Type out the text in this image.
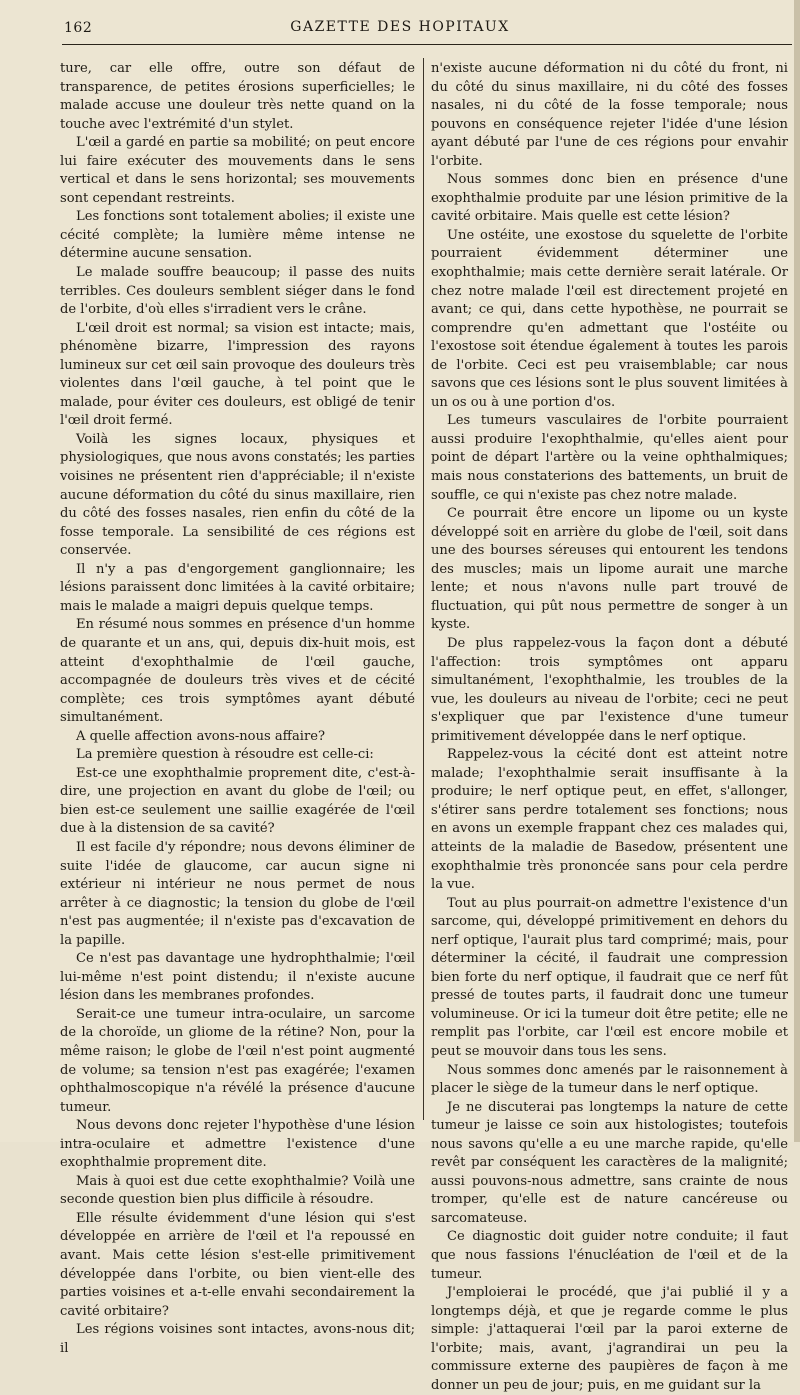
162	GAZETTE DES HOPITAUX

ture, car elle offre, outre son défaut de transparence, de petites érosions superficielles; le malade accuse une douleur très nette quand on la touche avec l'extrémité d'un stylet.

L'œil a gardé en partie sa mobilité; on peut encore lui faire exécuter des mouvements dans le sens vertical et dans le sens horizontal; ses mouvements sont cependant restreints.

Les fonctions sont totalement abolies; il existe une cécité complète; la lumière même intense ne détermine aucune sensation.

Le malade souffre beaucoup; il passe des nuits terribles. Ces douleurs semblent siéger dans le fond de l'orbite, d'où elles s'irradient vers le crâne.

L'œil droit est normal; sa vision est intacte; mais, phénomène bizarre, l'impression des rayons lumineux sur cet œil sain provoque des douleurs très violentes dans l'œil gauche, à tel point que le malade, pour éviter ces douleurs, est obligé de tenir l'œil droit fermé.

Voilà les signes locaux, physiques et physiologiques, que nous avons constatés; les parties voisines ne présentent rien d'appréciable; il n'existe aucune déformation du côté du sinus maxillaire, rien du côté des fosses nasales, rien enfin du côté de la fosse temporale. La sensibilité de ces régions est conservée.

Il n'y a pas d'engorgement ganglionnaire; les lésions paraissent donc limitées à la cavité orbitaire; mais le malade a maigri depuis quelque temps.

En résumé nous sommes en présence d'un homme de quarante et un ans, qui, depuis dix-huit mois, est atteint d'exophthalmie de l'œil gauche, accompagnée de douleurs très vives et de cécité complète; ces trois symptômes ayant débuté simultanément.

A quelle affection avons-nous affaire?

La première question à résoudre est celle-ci:

Est-ce une exophthalmie proprement dite, c'est-à-dire, une projection en avant du globe de l'œil; ou bien est-ce seulement une saillie exagérée de l'œil due à la distension de sa cavité?

Il est facile d'y répondre; nous devons éliminer de suite l'idée de glaucome, car aucun signe ni extérieur ni intérieur ne nous permet de nous arrêter à ce diagnostic; la tension du globe de l'œil n'est pas augmentée; il n'existe pas d'excavation de la papille.

Ce n'est pas davantage une hydrophthalmie; l'œil lui-même n'est point distendu; il n'existe aucune lésion dans les membranes profondes.

Serait-ce une tumeur intra-oculaire, un sarcome de la choroïde, un gliome de la rétine? Non, pour la même raison; le globe de l'œil n'est point augmenté de volume; sa tension n'est pas exagérée; l'examen ophthalmoscopique n'a révélé la présence d'aucune tumeur.

Nous devons donc rejeter l'hypothèse d'une lésion intra-oculaire et admettre l'existence d'une exophthalmie proprement dite.

Mais à quoi est due cette exophthalmie? Voilà une seconde question bien plus difficile à résoudre.

Elle résulte évidemment d'une lésion qui s'est développée en arrière de l'œil et l'a repoussé en avant. Mais cette lésion s'est-elle primitivement développée dans l'orbite, ou bien vient-elle des parties voisines et a-t-elle envahi secondairement la cavité orbitaire?

Les régions voisines sont intactes, avons-nous dit; il

n'existe aucune déformation ni du côté du front, ni du côté du sinus maxillaire, ni du côté des fosses nasales, ni du côté de la fosse temporale; nous pouvons en conséquence rejeter l'idée d'une lésion ayant débuté par l'une de ces régions pour envahir l'orbite.

Nous sommes donc bien en présence d'une exophthalmie produite par une lésion primitive de la cavité orbitaire. Mais quelle est cette lésion?

Une ostéite, une exostose du squelette de l'orbite pourraient évidemment déterminer une exophthalmie; mais cette dernière serait latérale. Or chez notre malade l'œil est directement projeté en avant; ce qui, dans cette hypothèse, ne pourrait se comprendre qu'en admettant que l'ostéite ou l'exostose soit étendue également à toutes les parois de l'orbite. Ceci est peu vraisemblable; car nous savons que ces lésions sont le plus souvent limitées à un os ou à une portion d'os.

Les tumeurs vasculaires de l'orbite pourraient aussi produire l'exophthalmie, qu'elles aient pour point de départ l'artère ou la veine ophthalmiques; mais nous constaterions des battements, un bruit de souffle, ce qui n'existe pas chez notre malade.

Ce pourrait être encore un lipome ou un kyste développé soit en arrière du globe de l'œil, soit dans une des bourses séreuses qui entourent les tendons des muscles; mais un lipome aurait une marche lente; et nous n'avons nulle part trouvé de fluctuation, qui pût nous permettre de songer à un kyste.

De plus rappelez-vous la façon dont a débuté l'affection: trois symptômes ont apparu simultanément, l'exophthalmie, les troubles de la vue, les douleurs au niveau de l'orbite; ceci ne peut s'expliquer que par l'existence d'une tumeur primitivement développée dans le nerf optique.

Rappelez-vous la cécité dont est atteint notre malade; l'exophthalmie serait insuffisante à la produire; le nerf optique peut, en effet, s'allonger, s'étirer sans perdre totalement ses fonctions; nous en avons un exemple frappant chez ces malades qui, atteints de la maladie de Basedow, présentent une exophthalmie très prononcée sans pour cela perdre la vue.

Tout au plus pourrait-on admettre l'existence d'un sarcome, qui, développé primitivement en dehors du nerf optique, l'aurait plus tard comprimé; mais, pour déterminer la cécité, il faudrait une compression bien forte du nerf optique, il faudrait que ce nerf fût pressé de toutes parts, il faudrait donc une tumeur volumineuse. Or ici la tumeur doit être petite; elle ne remplit pas l'orbite, car l'œil est encore mobile et peut se mouvoir dans tous les sens.

Nous sommes donc amenés par le raisonnement à placer le siège de la tumeur dans le nerf optique.

Je ne discuterai pas longtemps la nature de cette tumeur je laisse ce soin aux histologistes; toutefois nous savons qu'elle a eu une marche rapide, qu'elle revêt par conséquent les caractères de la malignité; aussi pouvons-nous admettre, sans crainte de nous tromper, qu'elle est de nature cancéreuse ou sarcomateuse.

Ce diagnostic doit guider notre conduite; il faut que nous fassions l'énucléation de l'œil et de la tumeur.

J'emploierai le procédé, que j'ai publié il y a longtemps déjà, et que je regarde comme le plus simple: j'attaquerai l'œil par la paroi externe de l'orbite; mais, avant, j'agrandirai un peu la commissure externe des paupières de façon à me donner un peu de jour; puis, en me guidant sur la
